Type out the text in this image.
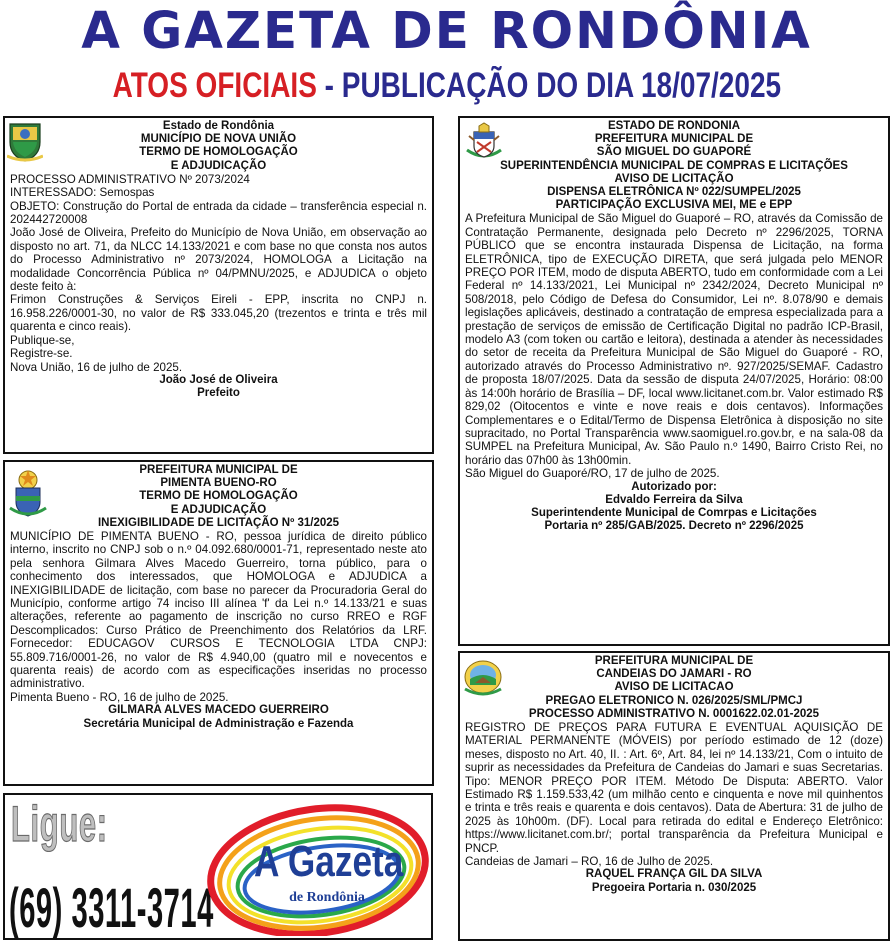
A GAZETA DE RONDÔNIA
ATOS OFICIAIS - PUBLICAÇÃO DO DIA 18/07/2025
Estado de Rondônia
MUNICÍPIO DE NOVA UNIÃO
TERMO DE HOMOLOGAÇÃO
E ADJUDICAÇÃO

PROCESSO ADMINISTRATIVO Nº 2073/2024

INTERESSADO: Semospas

OBJETO: Construção do Portal de entrada da cidade – transferência especial n. 202442720008

João José de Oliveira, Prefeito do Município de Nova União, em observação ao disposto no art. 71, da NLCC 14.133/2021 e com base no que consta nos autos do Processo Administrativo nº 2073/2024, HOMOLOGA a Licitação na modalidade Concorrência Pública nº 04/PMNU/2025, e ADJUDICA o objeto deste feito à:

Frimon Construções & Serviços Eireli - EPP, inscrita no CNPJ n. 16.958.226/0001-30, no valor de R$ 333.045,20 (trezentos e trinta e três mil quarenta e cinco reais).

Publique-se,

Registre-se.

Nova União, 16 de julho de 2025.

João José de Oliveira
Prefeito
PREFEITURA MUNICIPAL DE
PIMENTA BUENO-RO
TERMO DE HOMOLOGAÇÃO
E ADJUDICAÇÃO
INEXIGIBILIDADE DE LICITAÇÃO Nº 31/2025

MUNICÍPIO DE PIMENTA BUENO - RO, pessoa jurídica de direito público interno, inscrito no CNPJ sob o n.º 04.092.680/0001-71, representado neste ato pela senhora Gilmara Alves Macedo Guerreiro, torna público, para o conhecimento dos interessados, que HOMOLOGA e ADJUDICA a INEXIGIBILIDADE de licitação, com base no parecer da Procuradoria Geral do Município, conforme artigo 74 inciso III alínea 'f' da Lei n.º 14.133/21 e suas alterações, referente ao pagamento de inscrição no curso RREO e RGF Descomplicados: Curso Prático de Preenchimento dos Relatórios da LRF. Fornecedor: EDUCAGOV CURSOS E TECNOLOGIA LTDA CNPJ: 55.809.716/0001-26, no valor de R$ 4.940,00 (quatro mil e novecentos e quarenta reais) de acordo com as especificações inseridas no processo administrativo.

Pimenta Bueno - RO, 16 de julho de 2025.

GILMARA ALVES MACEDO GUERREIRO
Secretária Municipal de Administração e Fazenda
Ligue:
(69) 3311-3714
A Gazeta
de Rondônia
ESTADO DE RONDONIA
PREFEITURA MUNICIPAL DE
SÃO MIGUEL DO GUAPORÉ
SUPERINTENDÊNCIA MUNICIPAL DE COMPRAS E LICITAÇÕES
AVISO DE LICITAÇÃO
DISPENSA ELETRÔNICA Nº 022/SUMPEL/2025
PARTICIPAÇÃO EXCLUSIVA MEI, ME e EPP

A Prefeitura Municipal de São Miguel do Guaporé – RO, através da Comissão de Contratação Permanente, designada pelo Decreto nº 2296/2025, TORNA PÚBLICO que se encontra instaurada Dispensa de Licitação, na forma ELETRÔNICA, tipo de EXECUÇÃO DIRETA, que será julgada pelo MENOR PREÇO POR ITEM, modo de disputa ABERTO, tudo em conformidade com a Lei Federal nº 14.133/2021, Lei Municipal nº 2342/2024, Decreto Municipal nº 508/2018, pelo Código de Defesa do Consumidor, Lei nº. 8.078/90 e demais legislações aplicáveis, destinado a contratação de empresa especializada para a prestação de serviços de emissão de Certificação Digital no padrão ICP-Brasil, modelo A3 (com token ou cartão e leitora), destinada a atender às necessidades do setor de receita da Prefeitura Municipal de São Miguel do Guaporé - RO, autorizado através do Processo Administrativo nº. 927/2025/SEMAF. Cadastro de proposta 18/07/2025. Data da sessão de disputa 24/07/2025, Horário: 08:00 às 14:00h horário de Brasília – DF, local www.licitanet.com.br. Valor estimado R$ 829,02 (Oitocentos e vinte e nove reais e dois centavos). Informações Complementares e o Edital/Termo de Dispensa Eletrônica à disposição no site supracitado, no Portal Transparência www.saomiguel.ro.gov.br, e na sala-08 da SUMPEL na Prefeitura Municipal, Av. São Paulo n.º 1490, Bairro Cristo Rei, no horário das 07h00 às 13h00min.

São Miguel do Guaporé/RO, 17 de julho de 2025.

Autorizado por:
Edvaldo Ferreira da Silva
Superintendente Municipal de Comrpas e Licitações
Portaria nº 285/GAB/2025. Decreto nº 2296/2025
PREFEITURA MUNICIPAL DE
CANDEIAS DO JAMARI - RO
AVISO DE LICITACAO
PREGAO ELETRONICO N. 026/2025/SML/PMCJ
PROCESSO ADMINISTRATIVO N. 0001622.02.01-2025

REGISTRO DE PREÇOS PARA FUTURA E EVENTUAL AQUISIÇÃO DE MATERIAL PERMANENTE (MÓVEIS) por período estimado de 12 (doze) meses, disposto no Art. 40, II. : Art. 6º, Art. 84, lei nº 14.133/21, Com o intuito de suprir as necessidades da Prefeitura de Candeias do Jamari e suas Secretarias. Tipo: MENOR PREÇO POR ITEM. Método De Disputa: ABERTO. Valor Estimado R$ 1.159.533,42 (um milhão cento e cinquenta e nove mil quinhentos e trinta e três reais e quarenta e dois centavos). Data de Abertura: 31 de julho de 2025 às 10h00m. (DF). Local para retirada do edital e Endereço Eletrônico: https://www.licitanet.com.br/; portal transparência da Prefeitura Municipal e PNCP.

Candeias de Jamari – RO, 16 de Julho de 2025.

RAQUEL FRANÇA GIL DA SILVA
Pregoeira Portaria n. 030/2025
